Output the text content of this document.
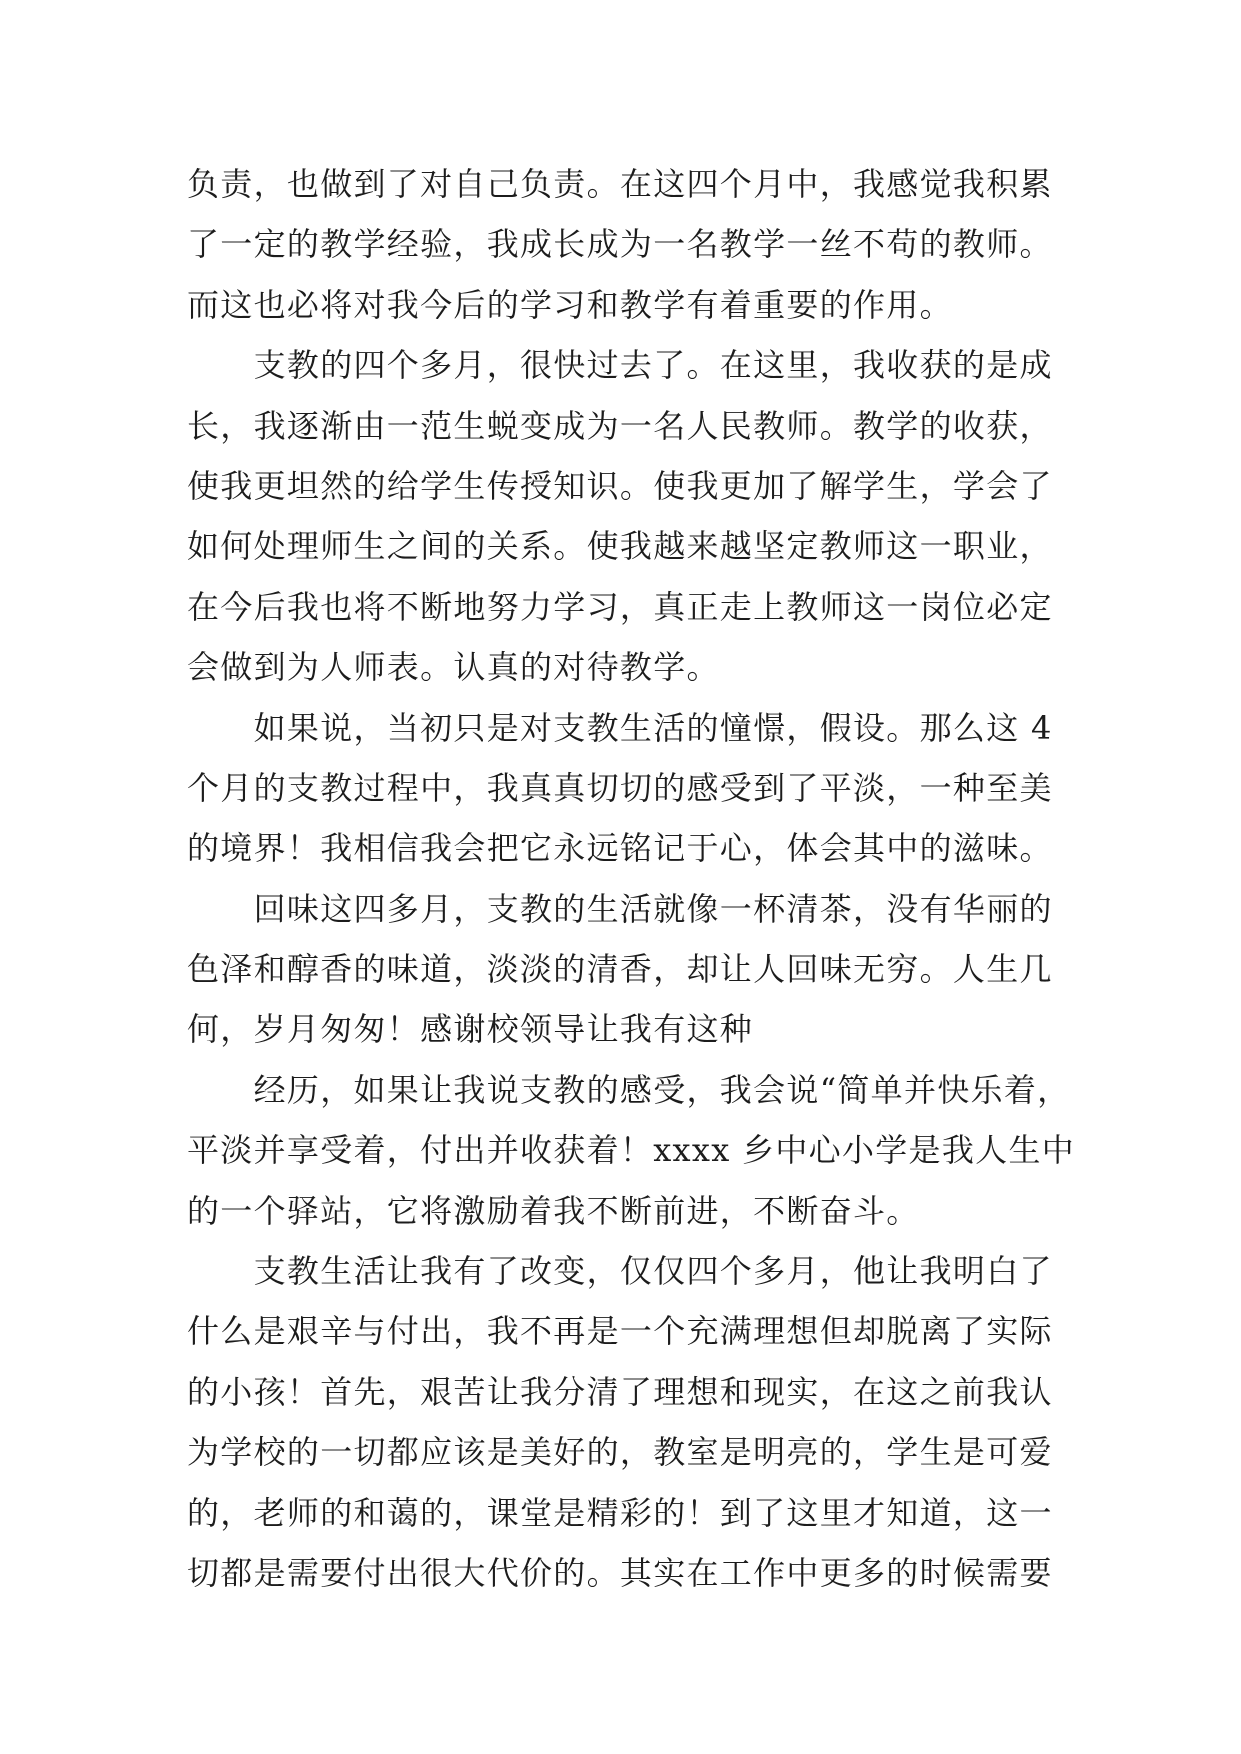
负责，也做到了对自己负责。在这四个月中，我感觉我积累
了一定的教学经验，我成长成为一名教学一丝不苟的教师。
而这也必将对我今后的学习和教学有着重要的作用。
支教的四个多月，很快过去了。在这里，我收获的是成
长，我逐渐由一范生蜕变成为一名人民教师。教学的收获，
使我更坦然的给学生传授知识。使我更加了解学生，学会了
如何处理师生之间的关系。使我越来越坚定教师这一职业，
在今后我也将不断地努力学习，真正走上教师这一岗位必定
会做到为人师表。认真的对待教学。
如果说，当初只是对支教生活的憧憬，假设。那么这 4
个月的支教过程中，我真真切切的感受到了平淡，一种至美
的境界！我相信我会把它永远铭记于心，体会其中的滋味。
回味这四多月，支教的生活就像一杯清茶，没有华丽的
色泽和醇香的味道，淡淡的清香，却让人回味无穷。人生几
何，岁月匆匆！感谢校领导让我有这种
经历，如果让我说支教的感受，我会说“简单并快乐着，
平淡并享受着，付出并收获着！xxxx 乡中心小学是我人生中
的一个驿站，它将激励着我不断前进，不断奋斗。
支教生活让我有了改变，仅仅四个多月，他让我明白了
什么是艰辛与付出，我不再是一个充满理想但却脱离了实际
的小孩！首先，艰苦让我分清了理想和现实，在这之前我认
为学校的一切都应该是美好的，教室是明亮的，学生是可爱
的，老师的和蔼的，课堂是精彩的！到了这里才知道，这一
切都是需要付出很大代价的。其实在工作中更多的时候需要
